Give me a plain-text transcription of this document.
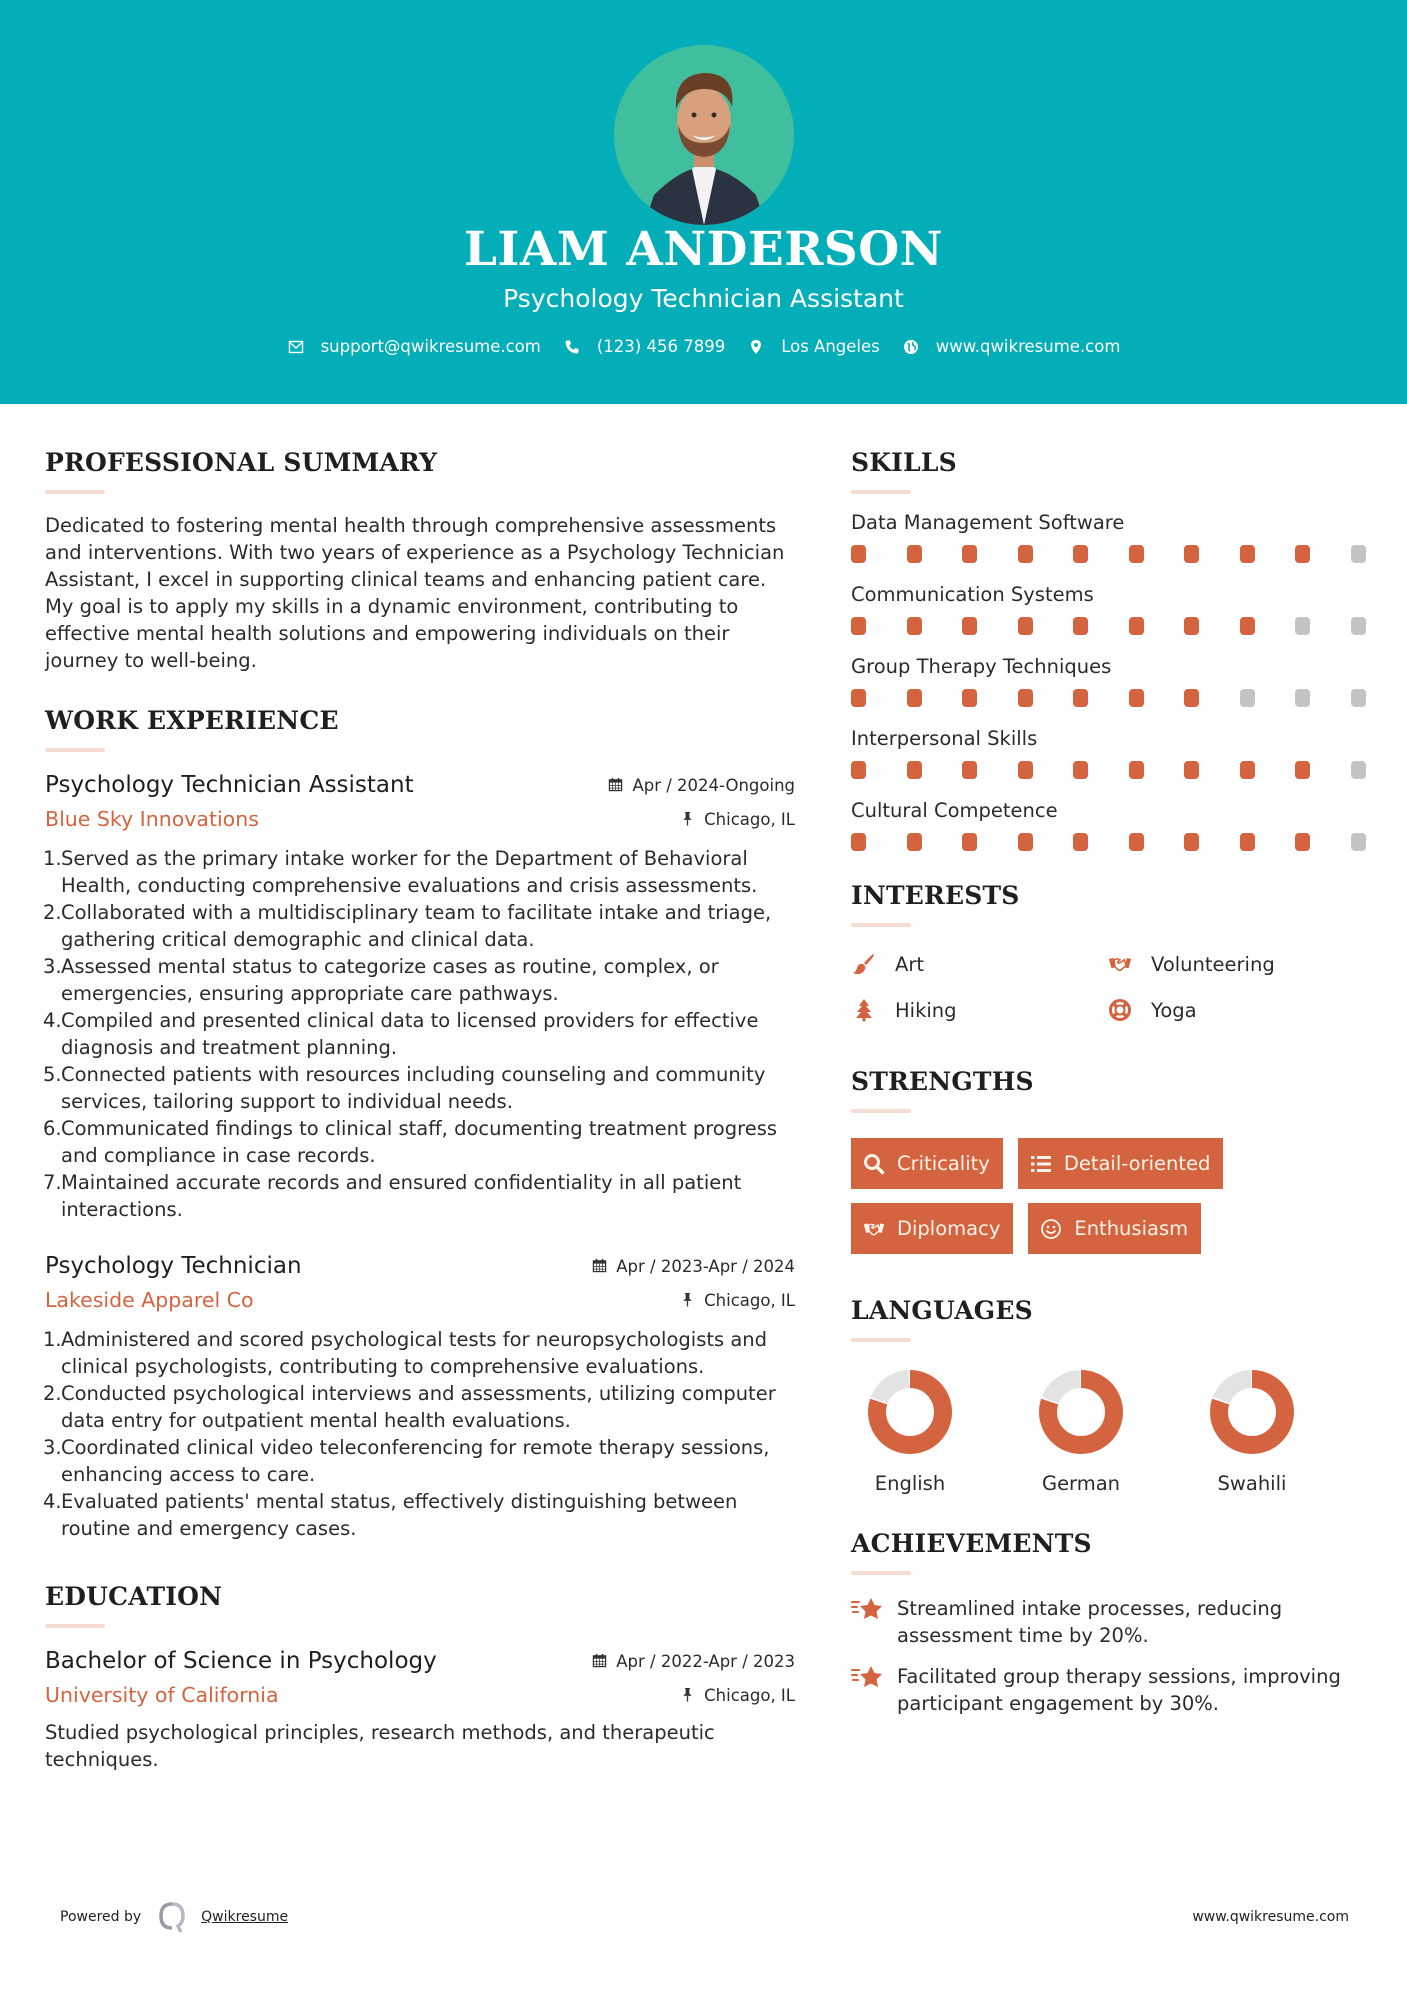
LIAM ANDERSON
Psychology Technician Assistant
support@qwikresume.com	(123) 456 7899	Los Angeles	www.qwikresume.com
PROFESSIONAL SUMMARY

Dedicated to fostering mental health through comprehensive assessments and interventions. With two years of experience as a Psychology Technician Assistant, I excel in supporting clinical teams and enhancing patient care. My goal is to apply my skills in a dynamic environment, contributing to effective mental health solutions and empowering individuals on their journey to well-being.

WORK EXPERIENCE
Psychology Technician Assistant	Apr / 2024-Ongoing
Blue Sky Innovations	Chicago, IL
1. Served as the primary intake worker for the Department of Behavioral Health, conducting comprehensive evaluations and crisis assessments.
2. Collaborated with a multidisciplinary team to facilitate intake and triage, gathering critical demographic and clinical data.
3. Assessed mental status to categorize cases as routine, complex, or emergencies, ensuring appropriate care pathways.
4. Compiled and presented clinical data to licensed providers for effective diagnosis and treatment planning.
5. Connected patients with resources including counseling and community services, tailoring support to individual needs.
6. Communicated findings to clinical staff, documenting treatment progress and compliance in case records.
7. Maintained accurate records and ensured confidentiality in all patient interactions.
Psychology Technician	Apr / 2023-Apr / 2024
Lakeside Apparel Co	Chicago, IL
1. Administered and scored psychological tests for neuropsychologists and clinical psychologists, contributing to comprehensive evaluations.
2. Conducted psychological interviews and assessments, utilizing computer data entry for outpatient mental health evaluations.
3. Coordinated clinical video teleconferencing for remote therapy sessions, enhancing access to care.
4. Evaluated patients' mental status, effectively distinguishing between routine and emergency cases.
EDUCATION
Bachelor of Science in Psychology	Apr / 2022-Apr / 2023
University of California	Chicago, IL

Studied psychological principles, research methods, and therapeutic techniques.

SKILLS
Data Management Software
Communication Systems
Group Therapy Techniques
Interpersonal Skills
Cultural Competence
INTERESTS
Art	Volunteering
Hiking	Yoga
STRENGTHS
Criticality	Detail-oriented
Diplomacy	Enthusiasm
LANGUAGES
English	German	Swahili
ACHIEVEMENTS
Streamlined intake processes, reducing assessment time by 20%.
Facilitated group therapy sessions, improving participant engagement by 30%.
Powered by	Qwikresume	www.qwikresume.com
